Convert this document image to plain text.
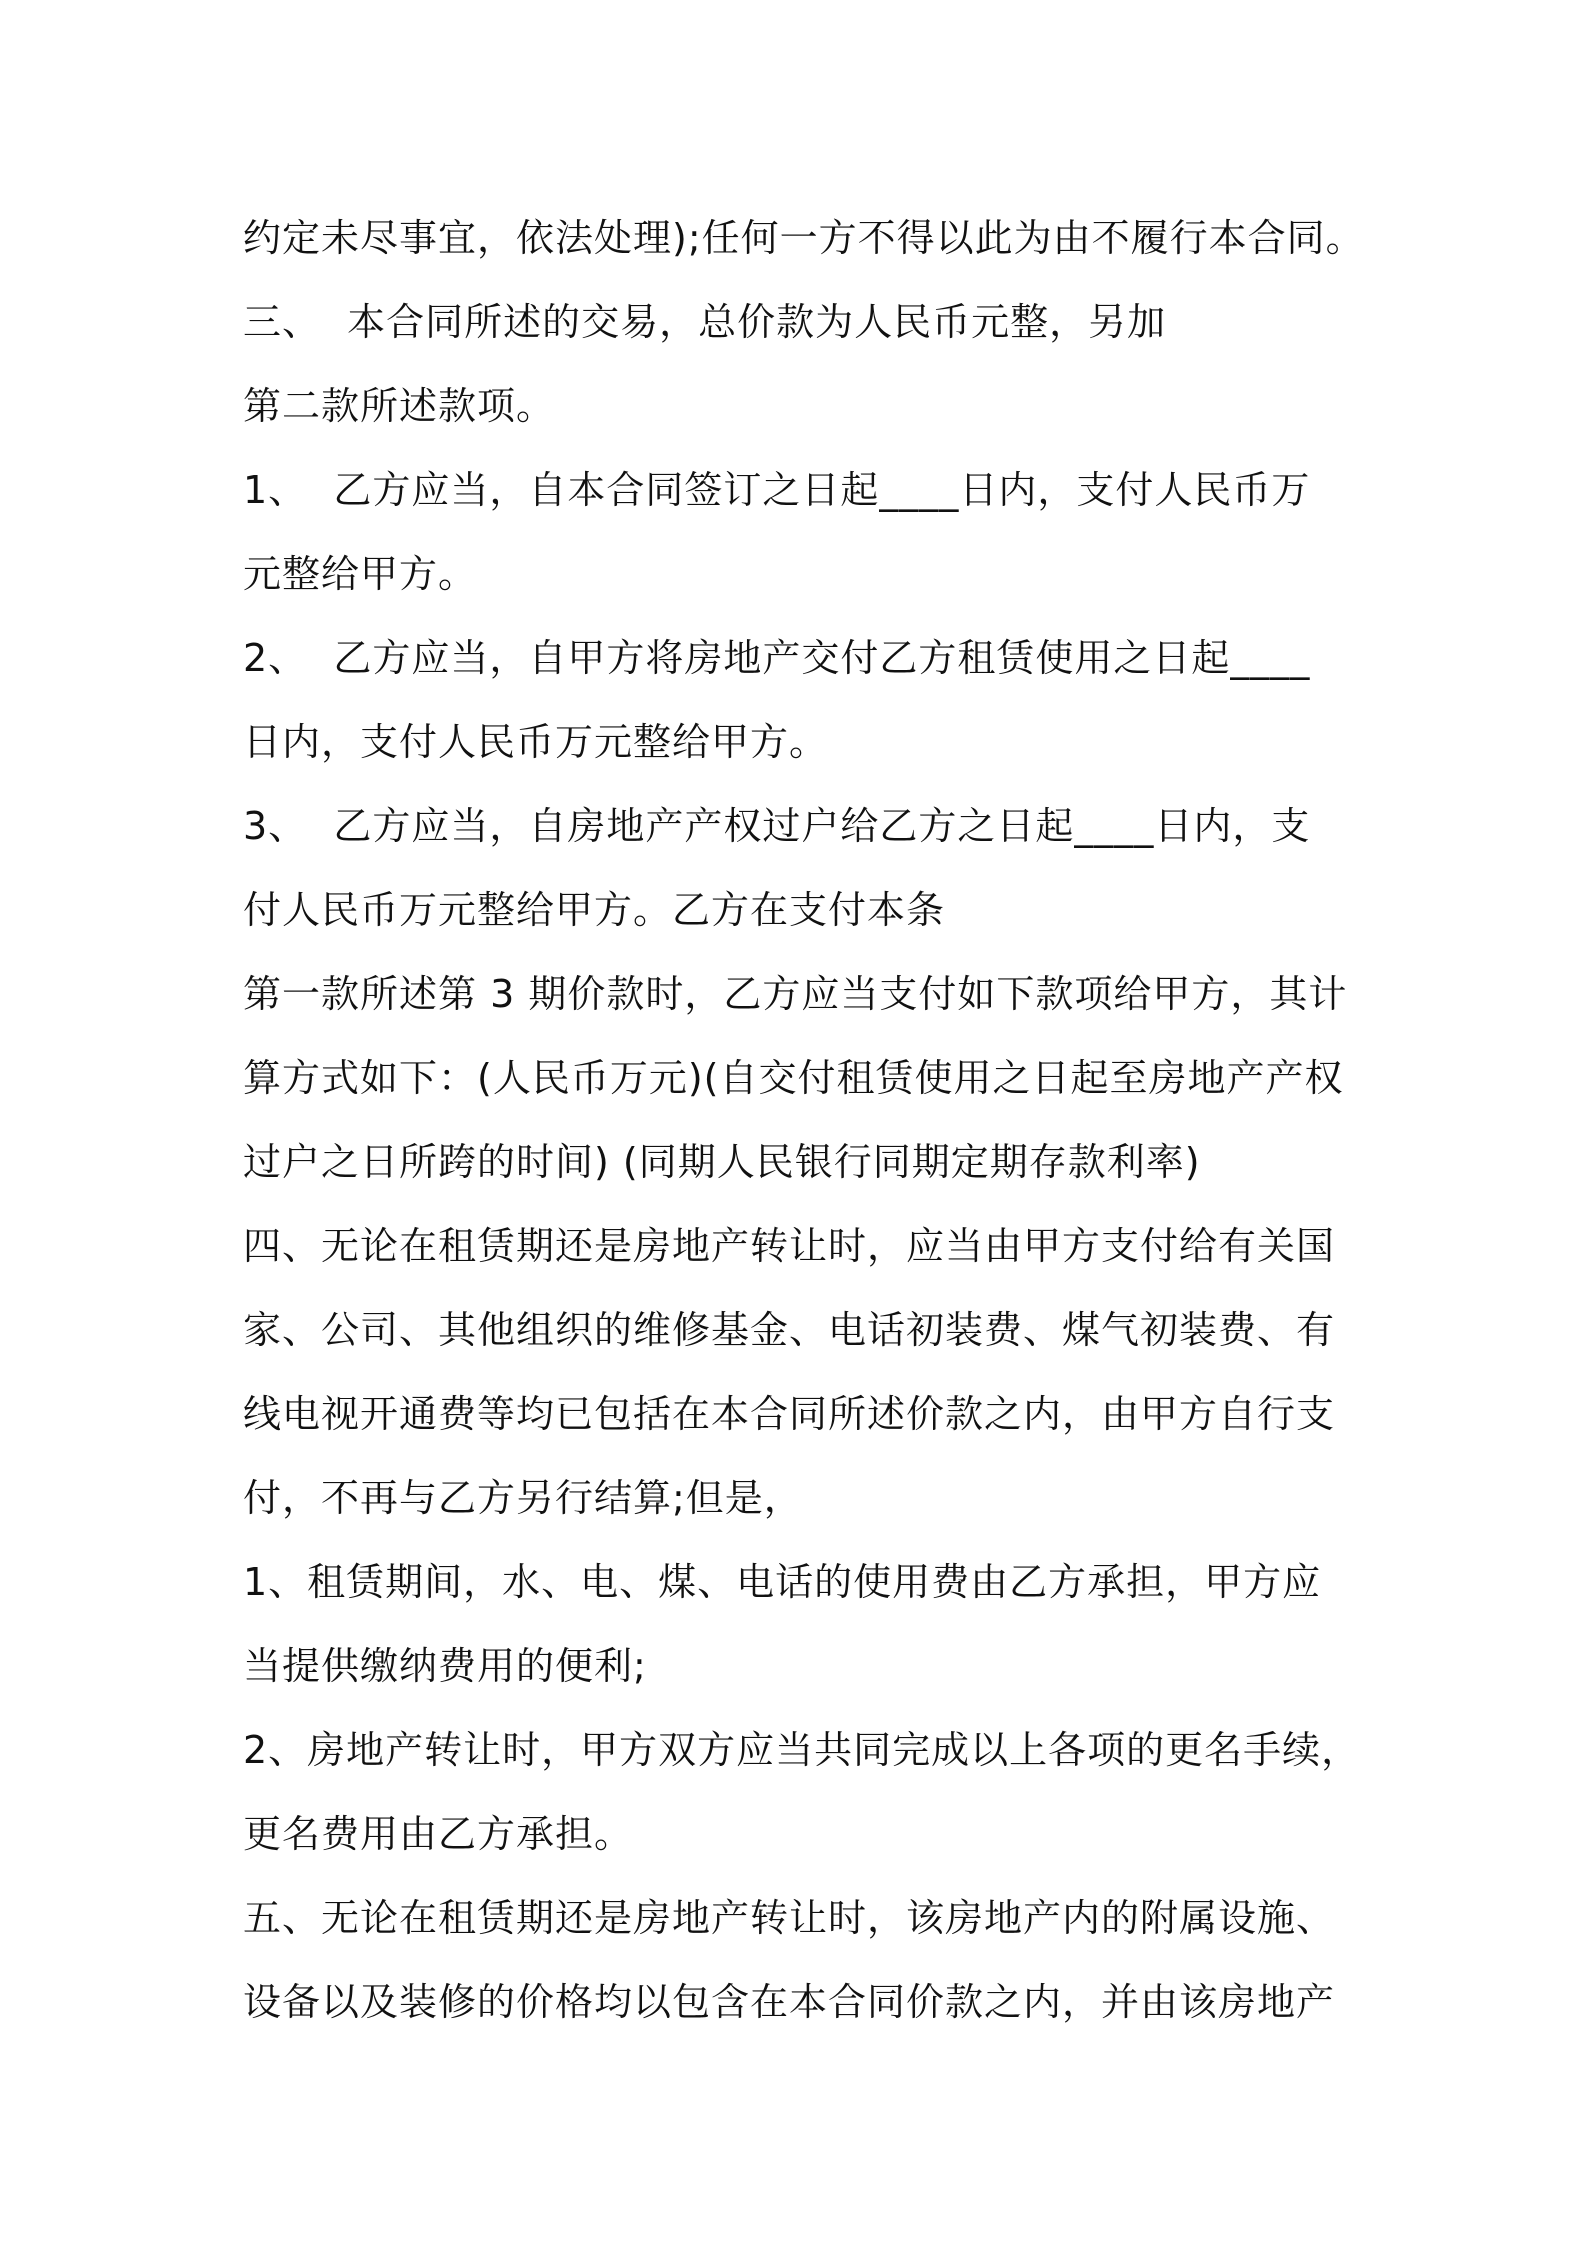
约定未尽事宜，依法处理);任何一方不得以此为由不履行本合同。
三、  本合同所述的交易，总价款为人民币元整，另加
第二款所述款项。
1、  乙方应当，自本合同签订之日起____日内，支付人民币万
元整给甲方。
2、  乙方应当，自甲方将房地产交付乙方租赁使用之日起____
日内，支付人民币万元整给甲方。
3、  乙方应当，自房地产产权过户给乙方之日起____日内，支
付人民币万元整给甲方。乙方在支付本条
第一款所述第 3 期价款时，乙方应当支付如下款项给甲方，其计
算方式如下：(人民币万元)(自交付租赁使用之日起至房地产产权
过户之日所跨的时间) (同期人民银行同期定期存款利率)
四、无论在租赁期还是房地产转让时，应当由甲方支付给有关国
家、公司、其他组织的维修基金、电话初装费、煤气初装费、有
线电视开通费等均已包括在本合同所述价款之内，由甲方自行支
付，不再与乙方另行结算;但是，
1、租赁期间，水、电、煤、电话的使用费由乙方承担，甲方应
当提供缴纳费用的便利;
2、房地产转让时，甲方双方应当共同完成以上各项的更名手续，
更名费用由乙方承担。
五、无论在租赁期还是房地产转让时，该房地产内的附属设施、
设备以及装修的价格均以包含在本合同价款之内，并由该房地产
